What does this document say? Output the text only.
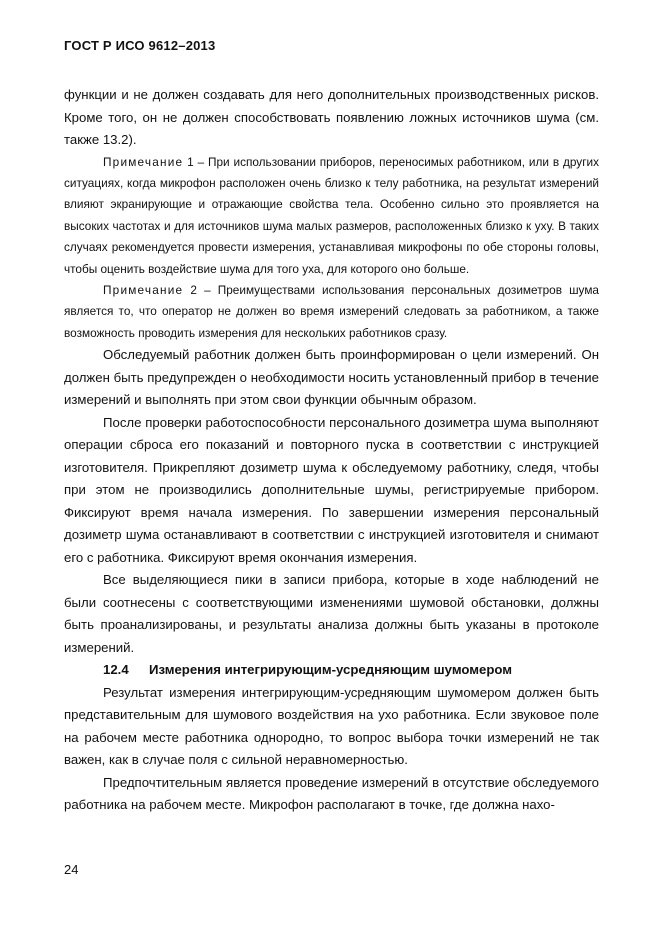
ГОСТ Р ИСО 9612–2013

функции и не должен создавать для него дополнительных производственных рисков. Кроме того, он не должен способствовать появлению ложных источников шума (см. также 13.2).

Примечание 1 – При использовании приборов, переносимых работником, или в других ситуациях, когда микрофон расположен очень близко к телу работника, на результат измерений влияют экранирующие и отражающие свойства тела. Особенно сильно это проявляется на высоких частотах и для источников шума малых размеров, расположенных близко к уху. В таких случаях рекомендуется провести измерения, устанавливая микрофоны по обе стороны головы, чтобы оценить воздействие шума для того уха, для которого оно больше.

Примечание 2 – Преимуществами использования персональных дозиметров шума является то, что оператор не должен во время измерений следовать за работником, а также возможность проводить измерения для нескольких работников сразу.

Обследуемый работник должен быть проинформирован о цели измерений. Он должен быть предупрежден о необходимости носить установленный прибор в течение измерений и выполнять при этом свои функции обычным образом.

После проверки работоспособности персонального дозиметра шума выполняют операции сброса его показаний и повторного пуска в соответствии с инструкцией изготовителя. Прикрепляют дозиметр шума к обследуемому работнику, следя, чтобы при этом не производились дополнительные шумы, регистрируемые прибором. Фиксируют время начала измерения. По завершении измерения персональный дозиметр шума останавливают в соответствии с инструкцией изготовителя и снимают его с работника. Фиксируют время окончания измерения.

Все выделяющиеся пики в записи прибора, которые в ходе наблюдений не были соотнесены с соответствующими изменениями шумовой обстановки, должны быть проанализированы, и результаты анализа должны быть указаны в протоколе измерений.

12.4 Измерения интегрирующим-усредняющим шумомером

Результат измерения интегрирующим-усредняющим шумомером должен быть представительным для шумового воздействия на ухо работника. Если звуковое поле на рабочем месте работника однородно, то вопрос выбора точки измерений не так важен, как в случае поля с сильной неравномерностью.

Предпочтительным является проведение измерений в отсутствие обследуемого работника на рабочем месте. Микрофон располагают в точке, где должна нахо-

24
